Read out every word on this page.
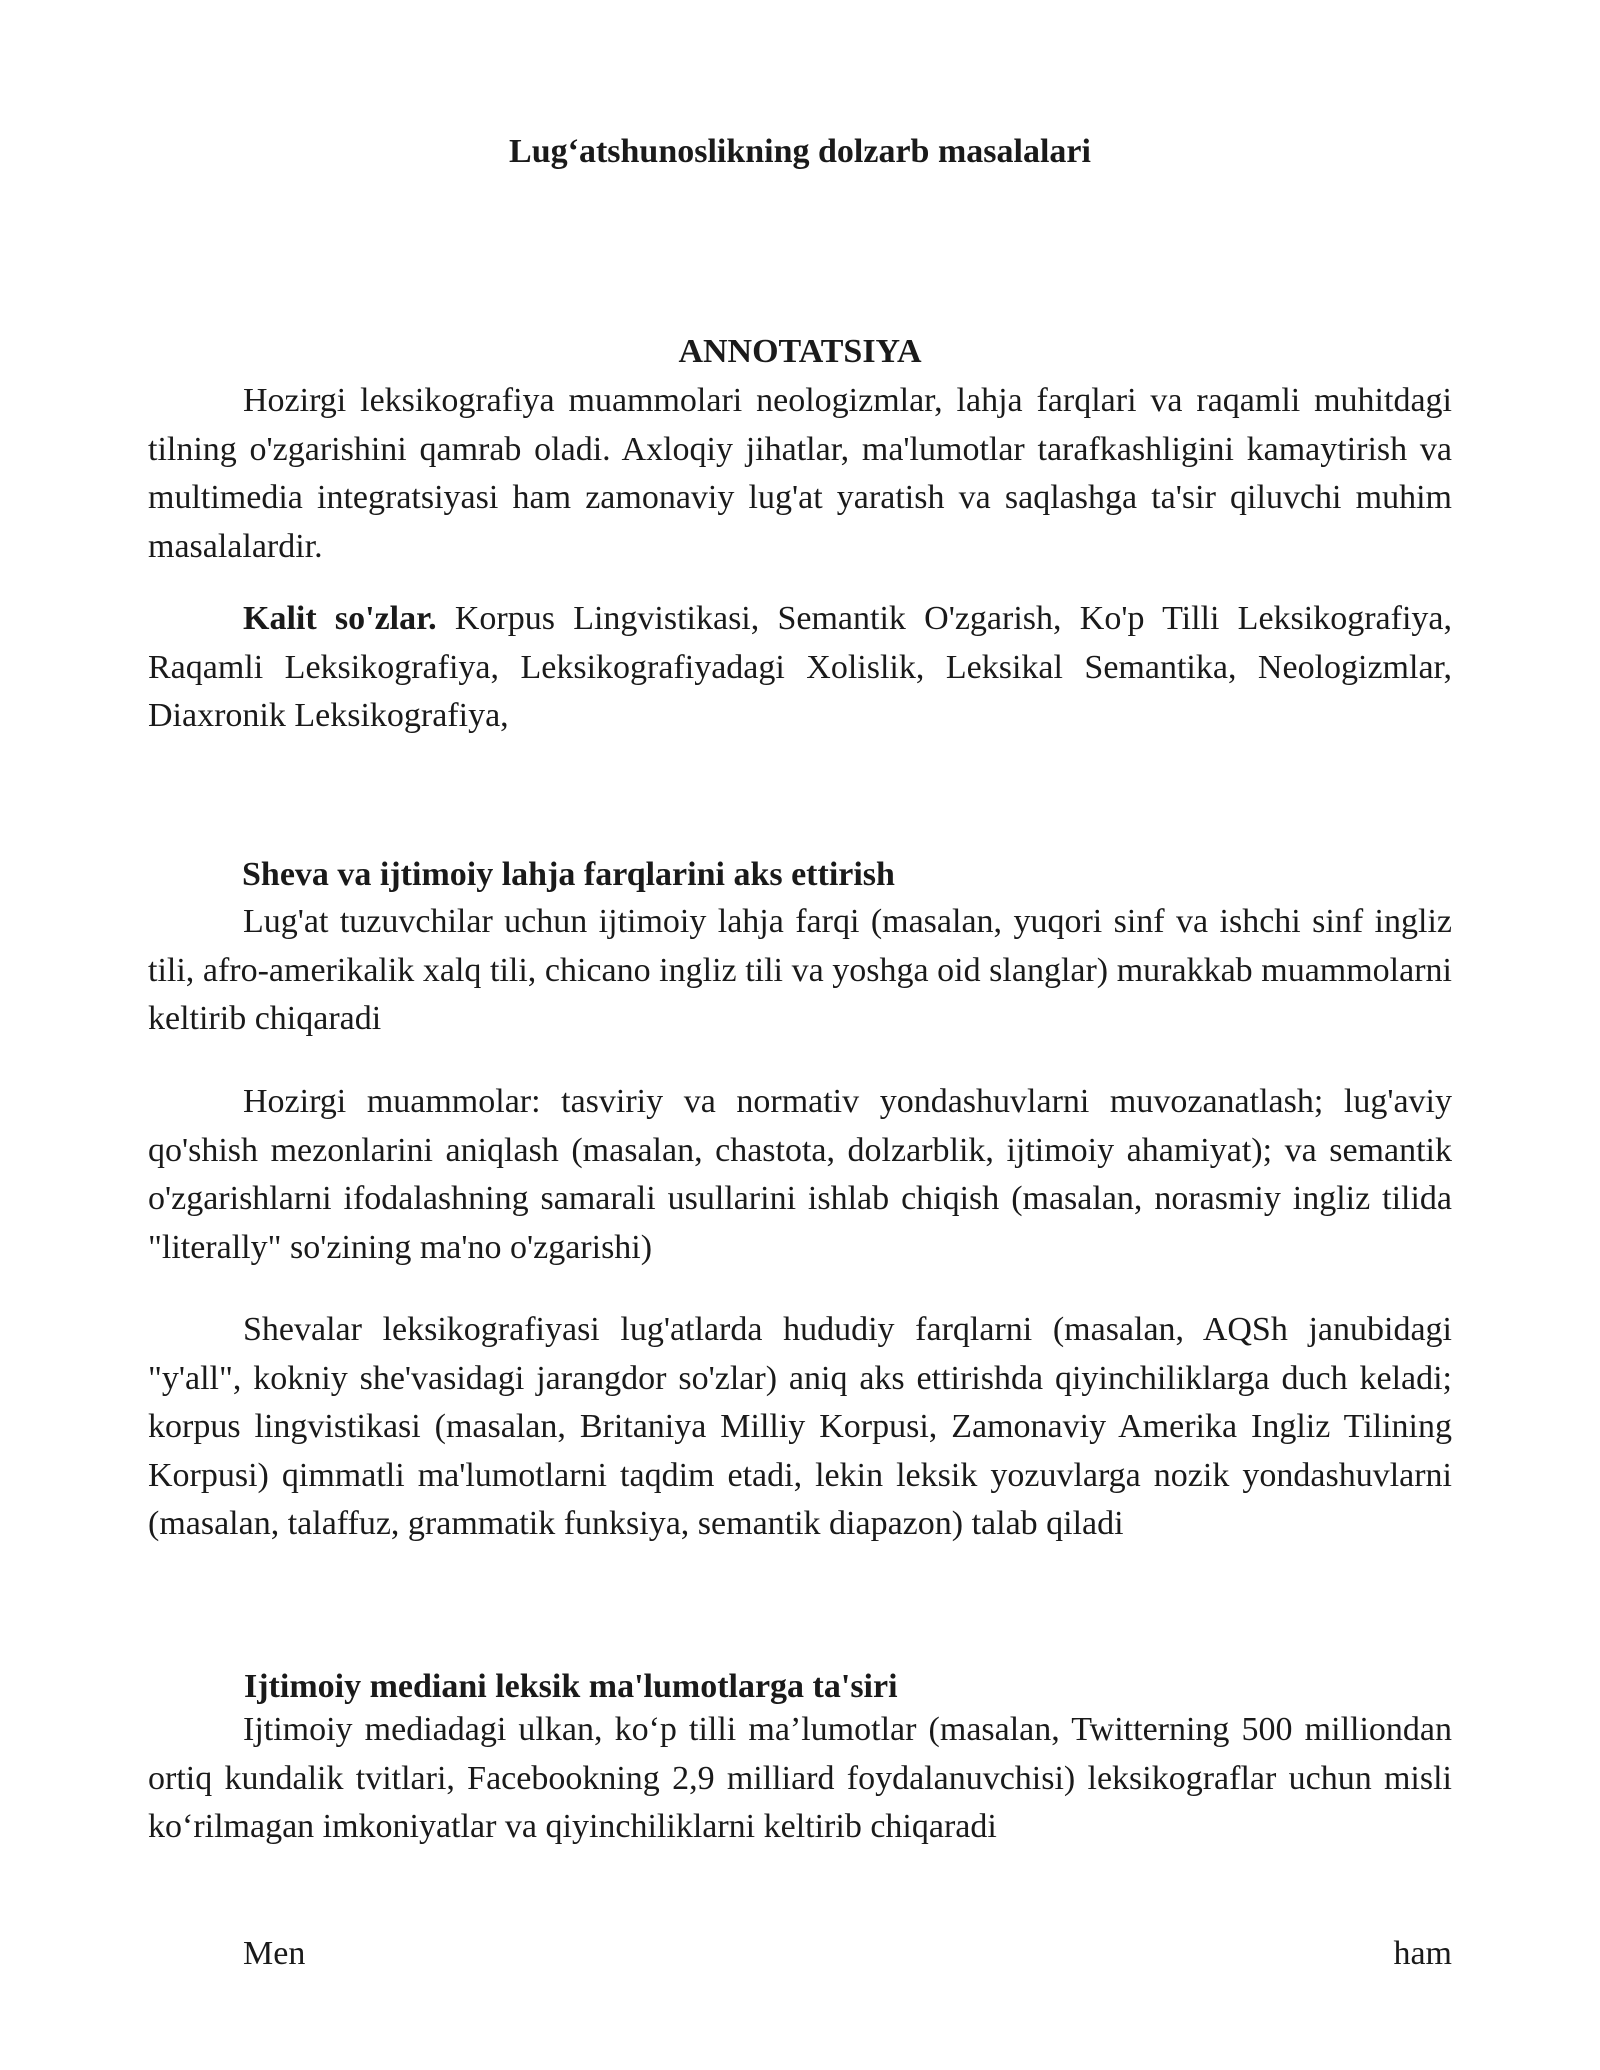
Lug‘atshunoslikning dolzarb masalalari
ANNOTATSIYA

Hozirgi leksikografiya muammolari neologizmlar, lahja farqlari va raqamli muhitdagi tilning o'zgarishini qamrab oladi. Axloqiy jihatlar, ma'lumotlar tarafkashligini kamaytirish va multimedia integratsiyasi ham zamonaviy lug'at yaratish va saqlashga ta'sir qiluvchi muhim masalalardir.

Kalit so'zlar. Korpus Lingvistikasi, Semantik O'zgarish, Ko'p Tilli Leksikografiya, Raqamli Leksikografiya, Leksikografiyadagi Xolislik, Leksikal Semantika, Neologizmlar, Diaxronik Leksikografiya,

Sheva va ijtimoiy lahja farqlarini aks ettirish

Lug'at tuzuvchilar uchun ijtimoiy lahja farqi (masalan, yuqori sinf va ishchi sinf ingliz tili, afro-amerikalik xalq tili, chicano ingliz tili va yoshga oid slanglar) murakkab muammolarni keltirib chiqaradi

Hozirgi muammolar: tasviriy va normativ yondashuvlarni muvozanatlash; lug'aviy qo'shish mezonlarini aniqlash (masalan, chastota, dolzarblik, ijtimoiy ahamiyat); va semantik o'zgarishlarni ifodalashning samarali usullarini ishlab chiqish (masalan, norasmiy ingliz tilida "literally" so'zining ma'no o'zgarishi)

Shevalar leksikografiyasi lug'atlarda hududiy farqlarni (masalan, AQSh janubidagi "y'all", kokniy she'vasidagi jarangdor so'zlar) aniq aks ettirishda qiyinchiliklarga duch keladi; korpus lingvistikasi (masalan, Britaniya Milliy Korpusi, Zamonaviy Amerika Ingliz Tilining Korpusi) qimmatli ma'lumotlarni taqdim etadi, lekin leksik yozuvlarga nozik yondashuvlarni (masalan, talaffuz, grammatik funksiya, semantik diapazon) talab qiladi

Ijtimoiy mediani leksik ma'lumotlarga ta'siri

Ijtimoiy mediadagi ulkan, ko‘p tilli ma’lumotlar (masalan, Twitterning 500 milliondan ortiq kundalik tvitlari, Facebookning 2,9 milliard foydalanuvchisi) leksikograflar uchun misli ko‘rilmagan imkoniyatlar va qiyinchiliklarni keltirib chiqaradi

Men ham
